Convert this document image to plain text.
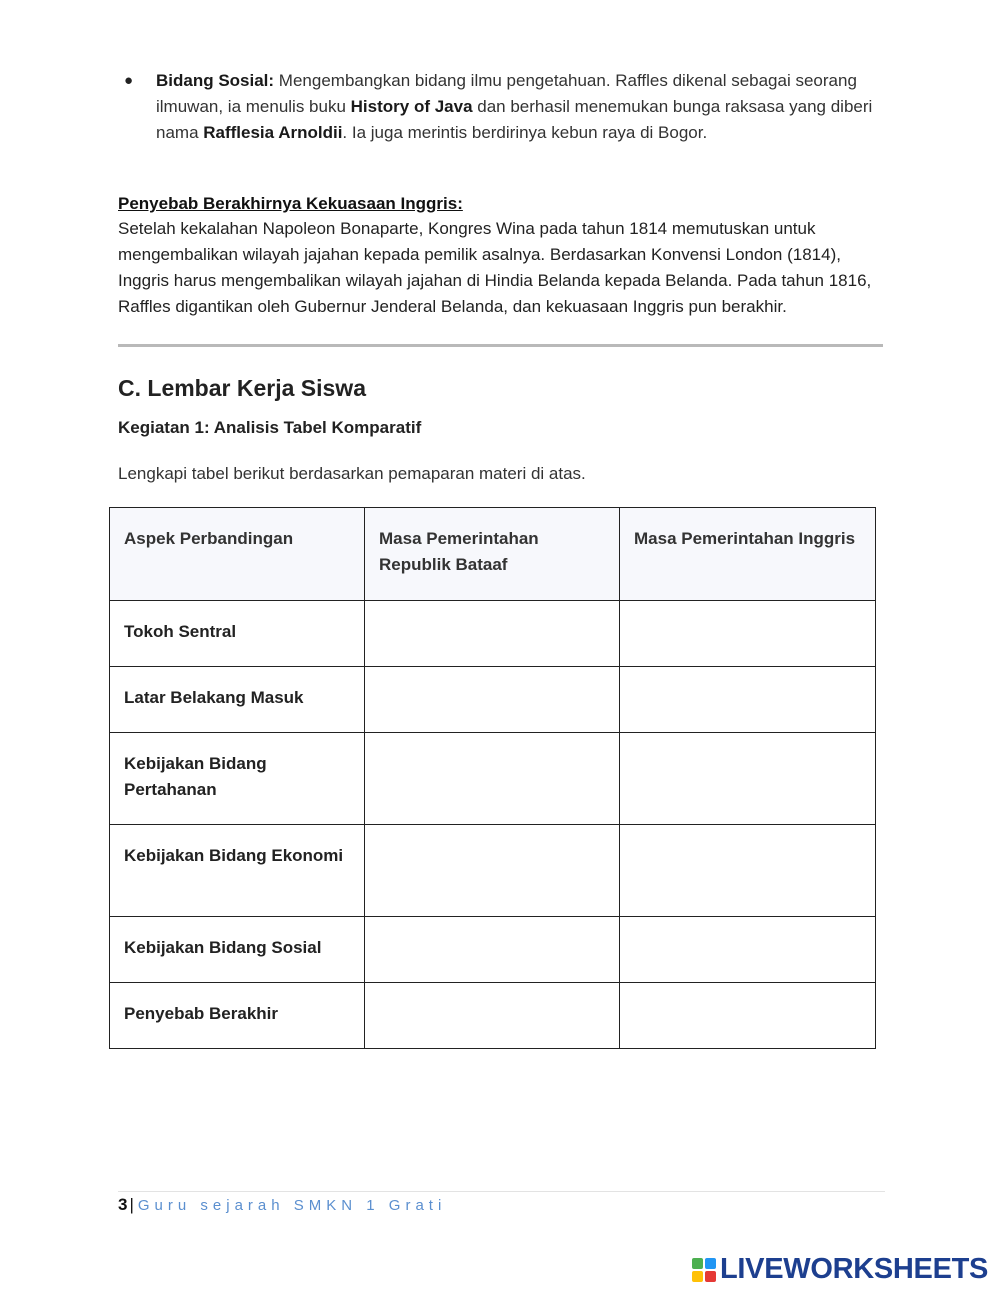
● Bidang Sosial: Mengembangkan bidang ilmu pengetahuan. Raffles dikenal sebagai seorang ilmuwan, ia menulis buku History of Java dan berhasil menemukan bunga raksasa yang diberi nama Rafflesia Arnoldii. Ia juga merintis berdirinya kebun raya di Bogor.

Penyebab Berakhirnya Kekuasaan Inggris:

Setelah kekalahan Napoleon Bonaparte, Kongres Wina pada tahun 1814 memutuskan untuk mengembalikan wilayah jajahan kepada pemilik asalnya. Berdasarkan Konvensi London (1814), Inggris harus mengembalikan wilayah jajahan di Hindia Belanda kepada Belanda. Pada tahun 1816, Raffles digantikan oleh Gubernur Jenderal Belanda, dan kekuasaan Inggris pun berakhir.

C. Lembar Kerja Siswa
Kegiatan 1: Analisis Tabel Komparatif

Lengkapi tabel berikut berdasarkan pemaparan materi di atas.

Aspek Perbandingan	Masa Pemerintahan Republik Bataaf	Masa Pemerintahan Inggris
Tokoh Sentral		
Latar Belakang Masuk		
Kebijakan Bidang Pertahanan		
Kebijakan Bidang Ekonomi		
Kebijakan Bidang Sosial		
Penyebab Berakhir		
3 | Guru sejarah SMKN 1 Grati
LIVEWORKSHEETS
